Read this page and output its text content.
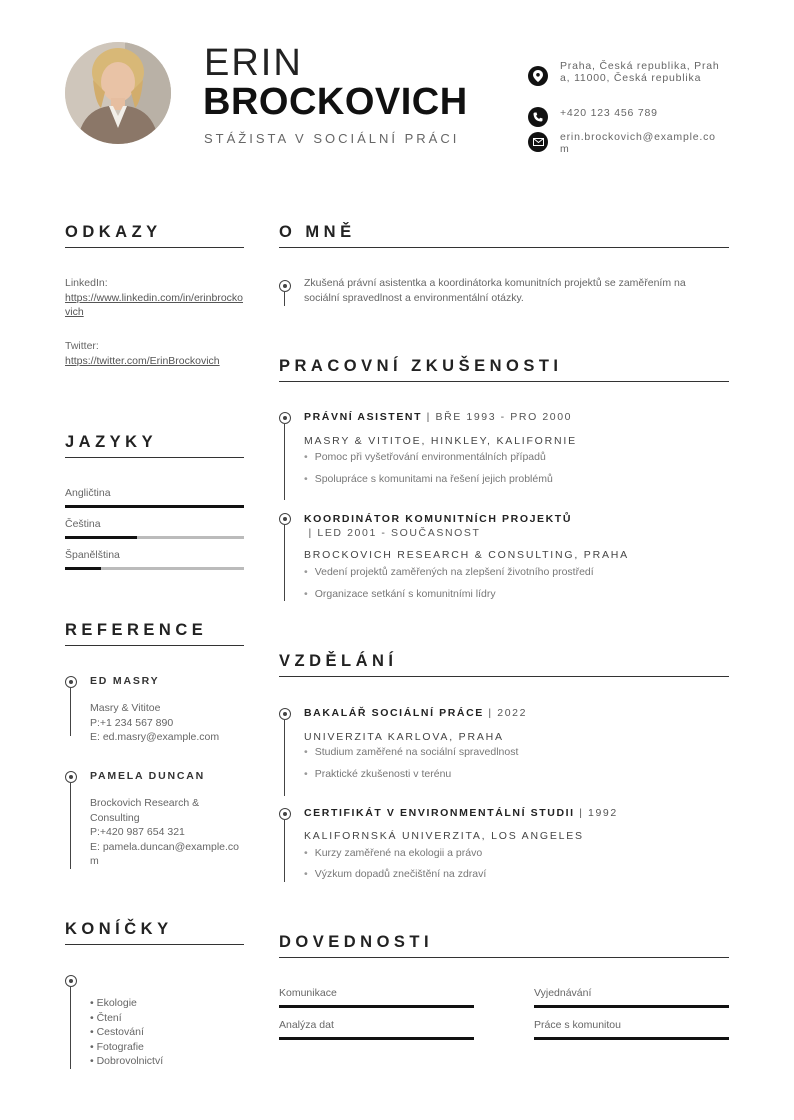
ERIN
BROCKOVICH
STÁŽISTA V SOCIÁLNÍ PRÁCI
Praha, Česká republika, Praha, 11000, Česká republika
+420 123 456 789
erin.brockovich@example.com
ODKAZY
LinkedIn:
https://www.linkedin.com/in/erinbrockovich
Twitter:
https://twitter.com/ErinBrockovich
JAZYKY
Angličtina
Čeština
Španělština
REFERENCE
ED MASRY
Masry & Vititoe
P:+1 234 567 890
E: ed.masry@example.com
PAMELA DUNCAN
Brockovich Research & Consulting
P:+420 987 654 321
E: pamela.duncan@example.com
KONÍČKY
• Ekologie
• Čtení
• Cestování
• Fotografie
• Dobrovolnictví
O MNĚ
Zkušená právní asistentka a koordinátorka komunitních projektů se zaměřením na sociální spravedlnost a environmentální otázky.
PRACOVNÍ ZKUŠENOSTI
PRÁVNÍ ASISTENT | BŘE 1993 - PRO 2000
MASRY & VITITOE, HINKLEY, KALIFORNIE
• Pomoc při vyšetřování environmentálních případů
• Spolupráce s komunitami na řešení jejich problémů
KOORDINÁTOR KOMUNITNÍCH PROJEKTŮ
| LED 2001 - SOUČASNOST
BROCKOVICH RESEARCH & CONSULTING, PRAHA
• Vedení projektů zaměřených na zlepšení životního prostředí
• Organizace setkání s komunitními lídry
VZDĚLÁNÍ
BAKALÁŘ SOCIÁLNÍ PRÁCE | 2022
UNIVERZITA KARLOVA, PRAHA
• Studium zaměřené na sociální spravedlnost
• Praktické zkušenosti v terénu
CERTIFIKÁT V ENVIRONMENTÁLNÍ STUDII | 1992
KALIFORNSKÁ UNIVERZITA, LOS ANGELES
• Kurzy zaměřené na ekologii a právo
• Výzkum dopadů znečištění na zdraví
DOVEDNOSTI
Komunikace	Vyjednávání
Analýza dat	Práce s komunitou
